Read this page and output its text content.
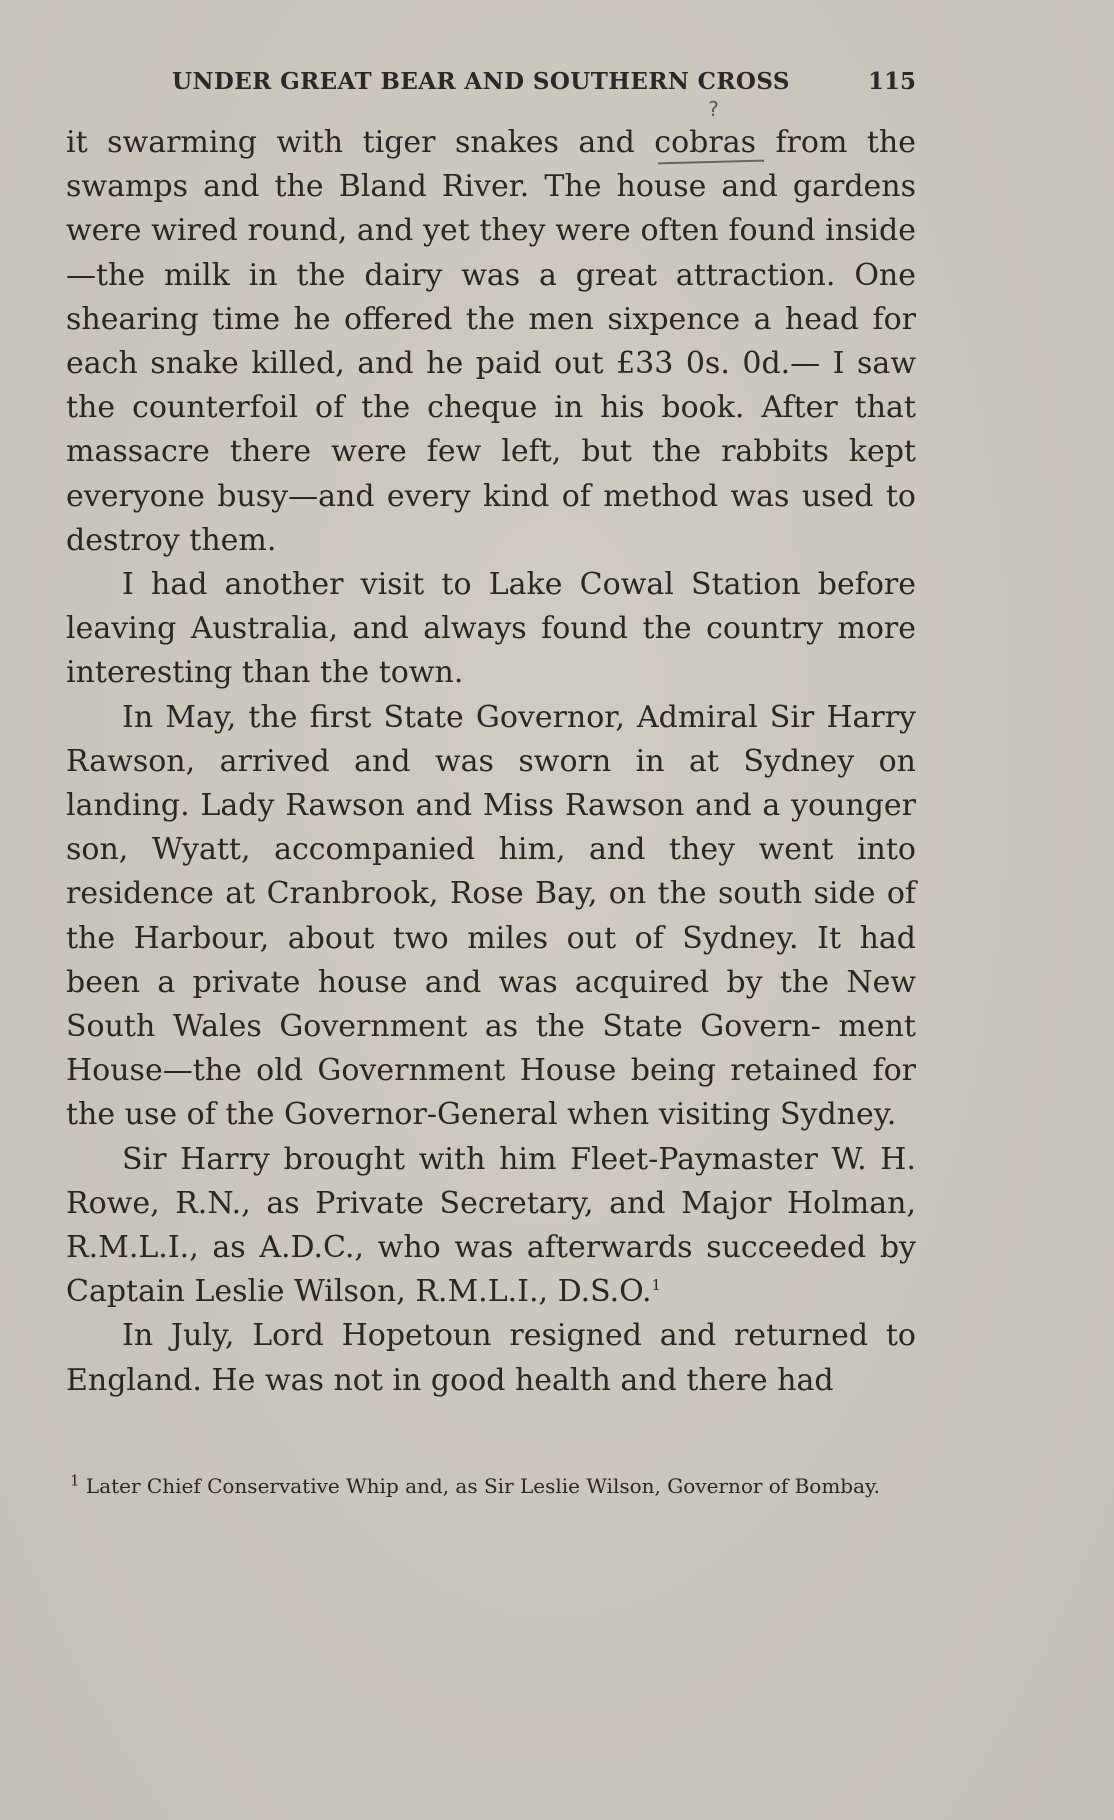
UNDER GREAT BEAR AND SOUTHERN CROSS	115

it swarming with tiger snakes and
?
cobras
from the swamps and the Bland River. The house and gardens were wired round, and yet they were often found inside—the milk in the dairy was a great attraction. One shearing time he offered the men sixpence a head for each snake killed, and he paid out £33 0s. 0d.— I saw the counterfoil of the cheque in his book. After that massacre there were few left, but the rabbits kept everyone busy—and every kind of method was used to destroy them.

I had another visit to Lake Cowal Station before leaving Australia, and always found the country more interesting than the town.

In May, the first State Governor, Admiral Sir Harry Rawson, arrived and was sworn in at Sydney on landing. Lady Rawson and Miss Rawson and a younger son, Wyatt, accompanied him, and they went into residence at Cranbrook, Rose Bay, on the south side of the Harbour, about two miles out of Sydney. It had been a private house and was acquired by the New South Wales Government as the State Govern- ment House—the old Government House being retained for the use of the Governor-General when visiting Sydney.

Sir Harry brought with him Fleet-Paymaster W. H. Rowe, R.N., as Private Secretary, and Major Holman, R.M.L.I., as A.D.C., who was afterwards succeeded by Captain Leslie Wilson, R.M.L.I., D.S.O.$^1$

In July, Lord Hopetoun resigned and returned to England. He was not in good health and there had

$^1$ Later Chief Conservative Whip and, as Sir Leslie Wilson, Governor of Bombay.
